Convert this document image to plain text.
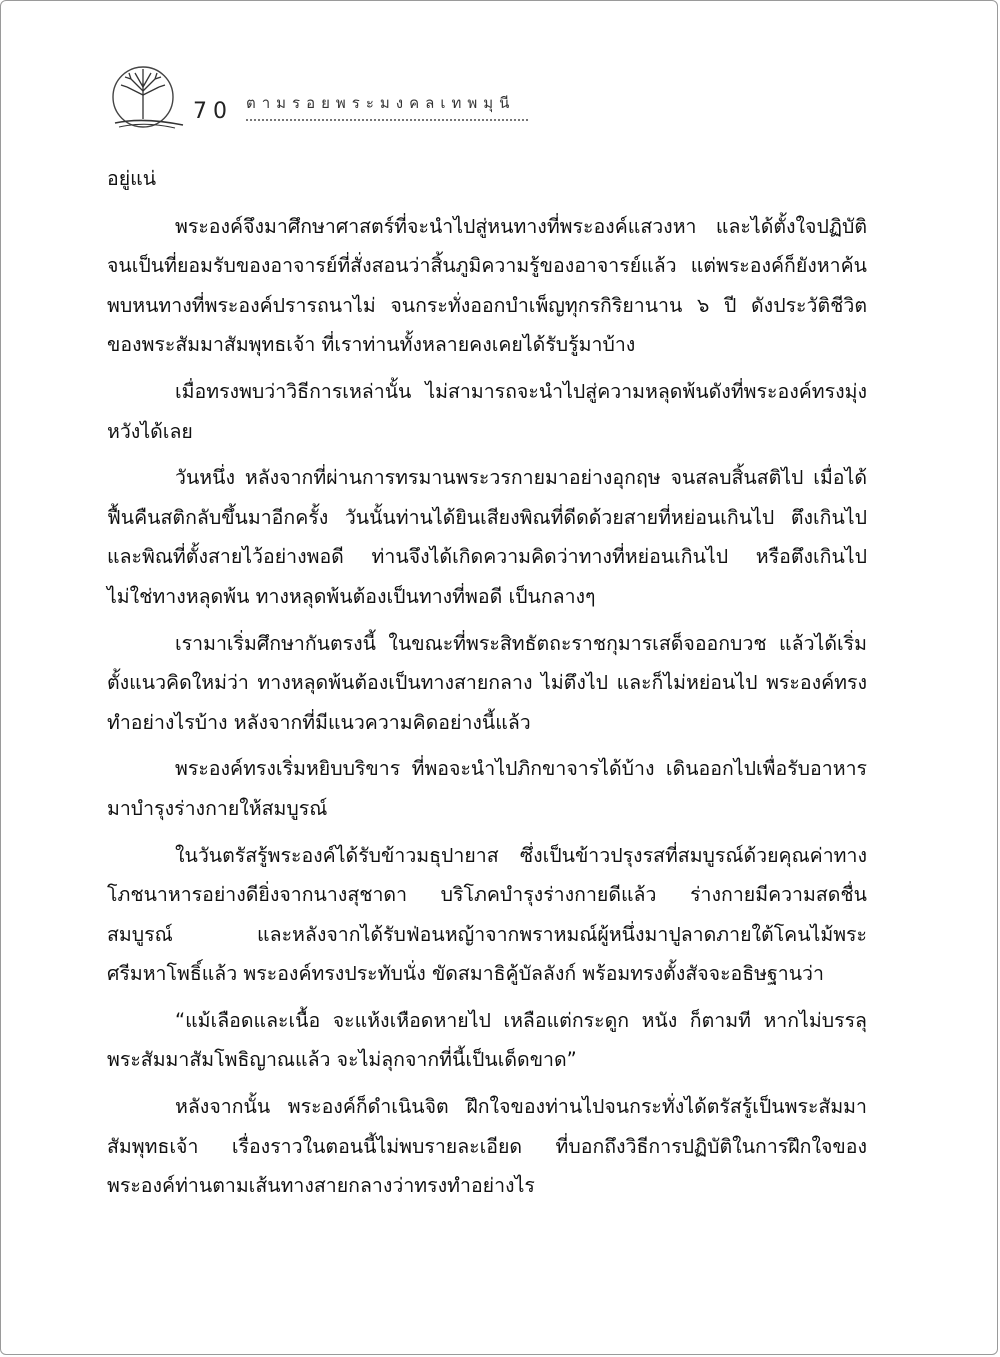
70 ตามรอยพระมงคลเทพมุนี

อยู่แน่

พระองค์จึงมาศึกษาศาสตร์ที่จะนำไปสู่หนทางที่พระองค์แสวงหา และได้ตั้งใจปฏิบัติจนเป็นที่ยอมรับของอาจารย์ที่สั่งสอนว่าสิ้นภูมิความรู้ของอาจารย์แล้ว แต่พระองค์ก็ยังหาค้นพบหนทางที่พระองค์ปรารถนาไม่ จนกระทั่งออกบำเพ็ญทุกรกิริยานาน ๖ ปี ดังประวัติชีวิตของพระสัมมาสัมพุทธเจ้า ที่เราท่านทั้งหลายคงเคยได้รับรู้มาบ้าง

เมื่อทรงพบว่าวิธีการเหล่านั้น ไม่สามารถจะนำไปสู่ความหลุดพ้นดังที่พระองค์ทรงมุ่งหวังได้เลย

วันหนึ่ง หลังจากที่ผ่านการทรมานพระวรกายมาอย่างอุกฤษ จนสลบสิ้นสติไป เมื่อได้ฟื้นคืนสติกลับขึ้นมาอีกครั้ง วันนั้นท่านได้ยินเสียงพิณที่ดีดด้วยสายที่หย่อนเกินไป ตึงเกินไป และพิณที่ตั้งสายไว้อย่างพอดี ท่านจึงได้เกิดความคิดว่าทางที่หย่อนเกินไป หรือตึงเกินไป ไม่ใช่ทางหลุดพ้น ทางหลุดพ้นต้องเป็นทางที่พอดี เป็นกลางๆ

เรามาเริ่มศึกษากันตรงนี้ ในขณะที่พระสิทธัตถะราชกุมารเสด็จออกบวช แล้วได้เริ่มตั้งแนวคิดใหม่ว่า ทางหลุดพ้นต้องเป็นทางสายกลาง ไม่ตึงไป และก็ไม่หย่อนไป พระองค์ทรงทำอย่างไรบ้าง หลังจากที่มีแนวความคิดอย่างนี้แล้ว

พระองค์ทรงเริ่มหยิบบริขาร ที่พอจะนำไปภิกขาจารได้บ้าง เดินออกไปเพื่อรับอาหารมาบำรุงร่างกายให้สมบูรณ์

ในวันตรัสรู้พระองค์ได้รับข้าวมธุปายาส ซึ่งเป็นข้าวปรุงรสที่สมบูรณ์ด้วยคุณค่าทางโภชนาหารอย่างดียิ่งจากนางสุชาดา บริโภคบำรุงร่างกายดีแล้ว ร่างกายมีความสดชื่น สมบูรณ์ และหลังจากได้รับฟ่อนหญ้าจากพราหมณ์ผู้หนึ่งมาปูลาดภายใต้โคนไม้พระศรีมหาโพธิ์แล้ว พระองค์ทรงประทับนั่ง ขัดสมาธิคู้บัลลังก์ พร้อมทรงตั้งสัจจะอธิษฐานว่า

“แม้เลือดและเนื้อ จะแห้งเหือดหายไป เหลือแต่กระดูก หนัง ก็ตามที หากไม่บรรลุพระสัมมาสัมโพธิญาณแล้ว จะไม่ลุกจากที่นี้เป็นเด็ดขาด”

หลังจากนั้น พระองค์ก็ดำเนินจิต ฝึกใจของท่านไปจนกระทั่งได้ตรัสรู้เป็นพระสัมมาสัมพุทธเจ้า เรื่องราวในตอนนี้ไม่พบรายละเอียด ที่บอกถึงวิธีการปฏิบัติในการฝึกใจของพระองค์ท่านตามเส้นทางสายกลางว่าทรงทำอย่างไร
